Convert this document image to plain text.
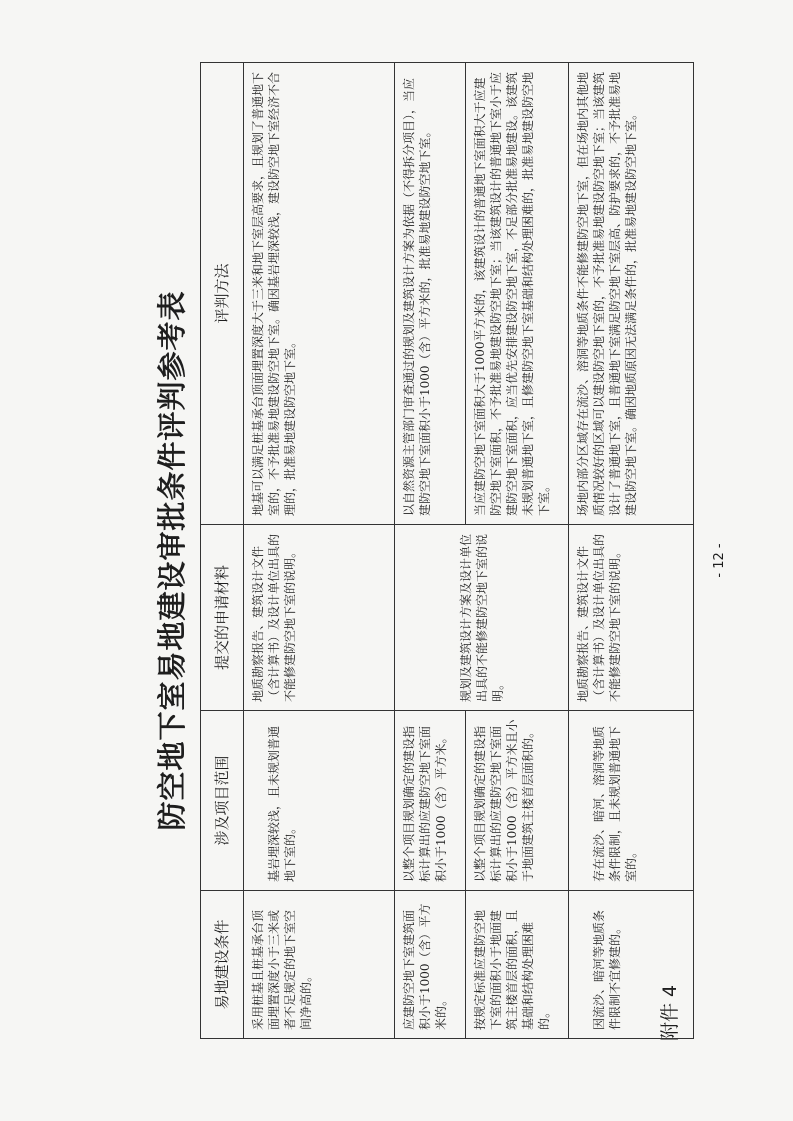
附件 4
防空地下室易地建设审批条件评判参考表
易地建设条件	涉及项目范围	提交的申请材料	评判方法
采用桩基且桩基承台顶面埋置深度小于三米或者不足规定的地下室空间净高的。	基岩埋深较浅，且未规划普通地下室的。	地质勘察报告、建筑设计文件（含计算书）及设计单位出具的不能修建防空地下室的说明。	地基可以满足桩基承台顶面埋置深度大于三米和地下室层高要求，且规划了普通地下室的，不予批准易地建设防空地下室。确因基岩埋深较浅，建设防空地下室经济不合理的，批准易地建设防空地下室。
应建防空地下室建筑面积小于1000（含）平方米的。	以整个项目规划确定的建设指标计算出的应建防空地下室面积小于1000（含）平方米。	规划及建筑设计方案及设计单位出具的不能修建防空地下室的说明。	以自然资源主管部门审查通过的规划及建筑设计方案为依据（不得拆分项目），当应建防空地下室面积小于1000（含）平方米的，批准易地建设防空地下室。
按规定标准应建防空地下室的面积小于地面建筑主楼首层的面积，且基础和结构处理困难的。	以整个项目规划确定的建设指标计算出的应建防空地下室面积小于1000（含）平方米且小于地面建筑主楼首层面积的。		当应建防空地下室面积大于1000平方米的，该建筑设计的普通地下室面积大于应建防空地下室面积，不予批准易地建设防空地下室；当该建筑设计的普通地下室小于应建防空地下室面积，应当优先安排建设防空地下室，不足部分批准易地建设。该建筑未规划普通地下室，且修建防空地下室基础和结构处理困难的，批准易地建设防空地下室。
因流沙、暗河等地质条件限制不宜修建的。	存在流沙、暗河、溶洞等地质条件限制，且未规划普通地下室的。	地质勘察报告、建筑设计文件（含计算书）及设计单位出具的不能修建防空地下室的说明。	场地内部分区域存在流沙、溶洞等地质条件不能修建防空地下室，但在场地内其他地质情况较好的区域可以建设防空地下室的，不予批准易地建设防空地下室；当该建筑设计了普通地下室，且普通地下室满足防空地下室层高、防护要求的，不予批准易地建设防空地下室。确因地质原因无法满足条件的，批准易地建设防空地下室。
- 12 -
